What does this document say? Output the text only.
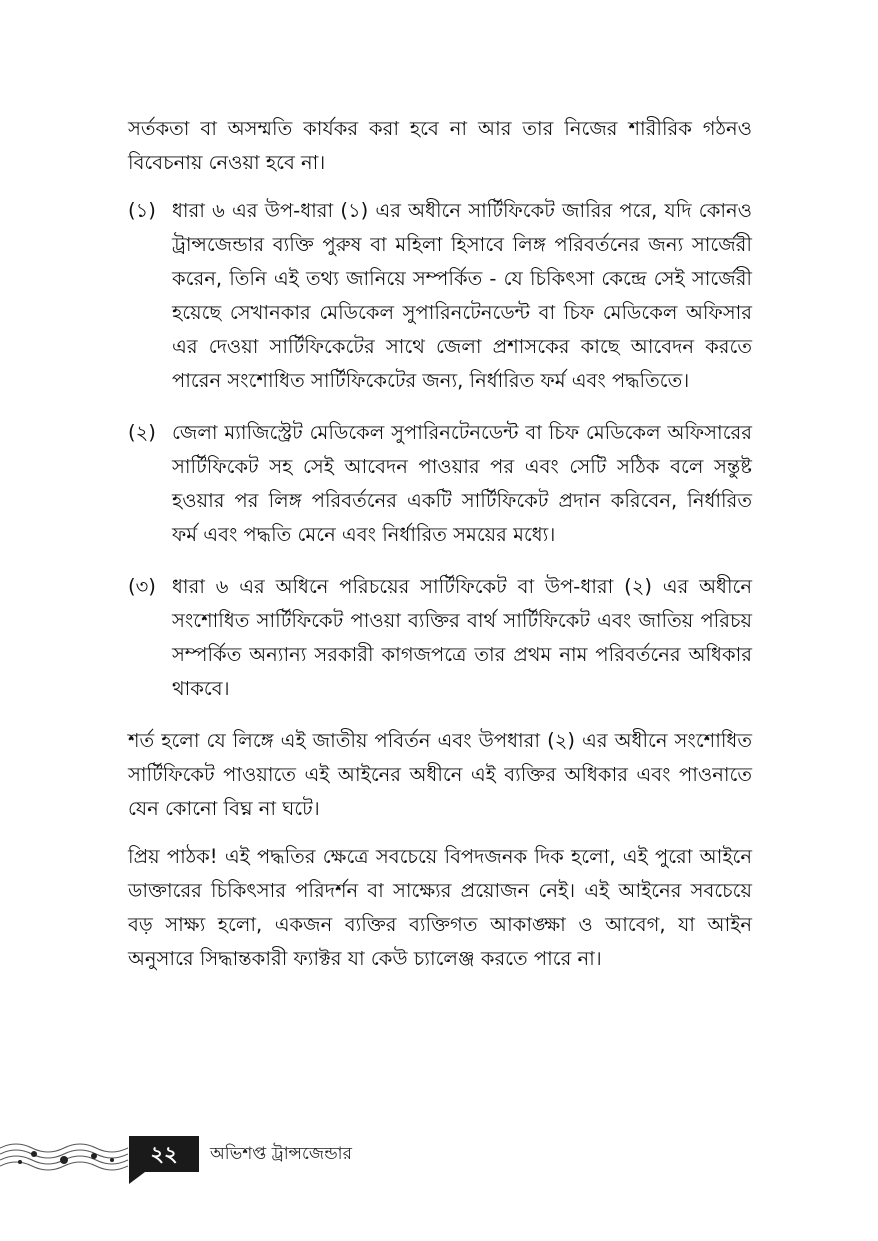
সর্তকতা বা অসম্মতি কার্যকর করা হবে না আর তার নিজের শারীরিক গঠনও বিবেচনায় নেওয়া হবে না।

(১) ধারা ৬ এর উপ-ধারা (১) এর অধীনে সার্টিফিকেট জারির পরে, যদি কোনও ট্রান্সজেন্ডার ব্যক্তি পুরুষ বা মহিলা হিসাবে লিঙ্গ পরিবর্তনের জন্য সার্জেরী করেন, তিনি এই তথ্য জানিয়ে সম্পর্কিত - যে চিকিৎসা কেন্দ্রে সেই সার্জেরী হয়েছে সেখানকার মেডিকেল সুপারিনটেনডেন্ট বা চিফ মেডিকেল অফিসার এর দেওয়া সার্টিফিকেটের সাথে জেলা প্রশাসকের কাছে আবেদন করতে পারেন সংশোধিত সার্টিফিকেটের জন্য, নির্ধারিত ফর্ম এবং পদ্ধতিতে।
(২) জেলা ম্যাজিস্ট্রেট মেডিকেল সুপারিনটেনডেন্ট বা চিফ মেডিকেল অফিসারের সার্টিফিকেট সহ সেই আবেদন পাওয়ার পর এবং সেটি সঠিক বলে সন্তুষ্ট হওয়ার পর লিঙ্গ পরিবর্তনের একটি সার্টিফিকেট প্রদান করিবেন, নির্ধারিত ফর্ম এবং পদ্ধতি মেনে এবং নির্ধারিত সময়ের মধ্যে।
(৩) ধারা ৬ এর অধিনে পরিচয়ের সার্টিফিকেট বা উপ-ধারা (২) এর অধীনে সংশোধিত সার্টিফিকেট পাওয়া ব্যক্তির বার্থ সার্টিফিকেট এবং জাতিয় পরিচয় সম্পর্কিত অন্যান্য সরকারী কাগজপত্রে তার প্রথম নাম পরিবর্তনের অধিকার থাকবে।

শর্ত হলো যে লিঙ্গে এই জাতীয় পবির্তন এবং উপধারা (২) এর অধীনে সংশোধিত সার্টিফিকেট পাওয়াতে এই আইনের অধীনে এই ব্যক্তির অধিকার এবং পাওনাতে যেন কোনো বিঘ্ন না ঘটে।

প্রিয় পাঠক! এই পদ্ধতির ক্ষেত্রে সবচেয়ে বিপদজনক দিক হলো, এই পুরো আইনে ডাক্তারের চিকিৎসার পরিদর্শন বা সাক্ষ্যের প্রয়োজন নেই। এই আইনের সবচেয়ে বড় সাক্ষ্য হলো, একজন ব্যক্তির ব্যক্তিগত আকাঙ্ক্ষা ও আবেগ, যা আইন অনুসারে সিদ্ধান্তকারী ফ্যাক্টর যা কেউ চ্যালেঞ্জ করতে পারে না।

২২	অভিশপ্ত ট্রান্সজেন্ডার
